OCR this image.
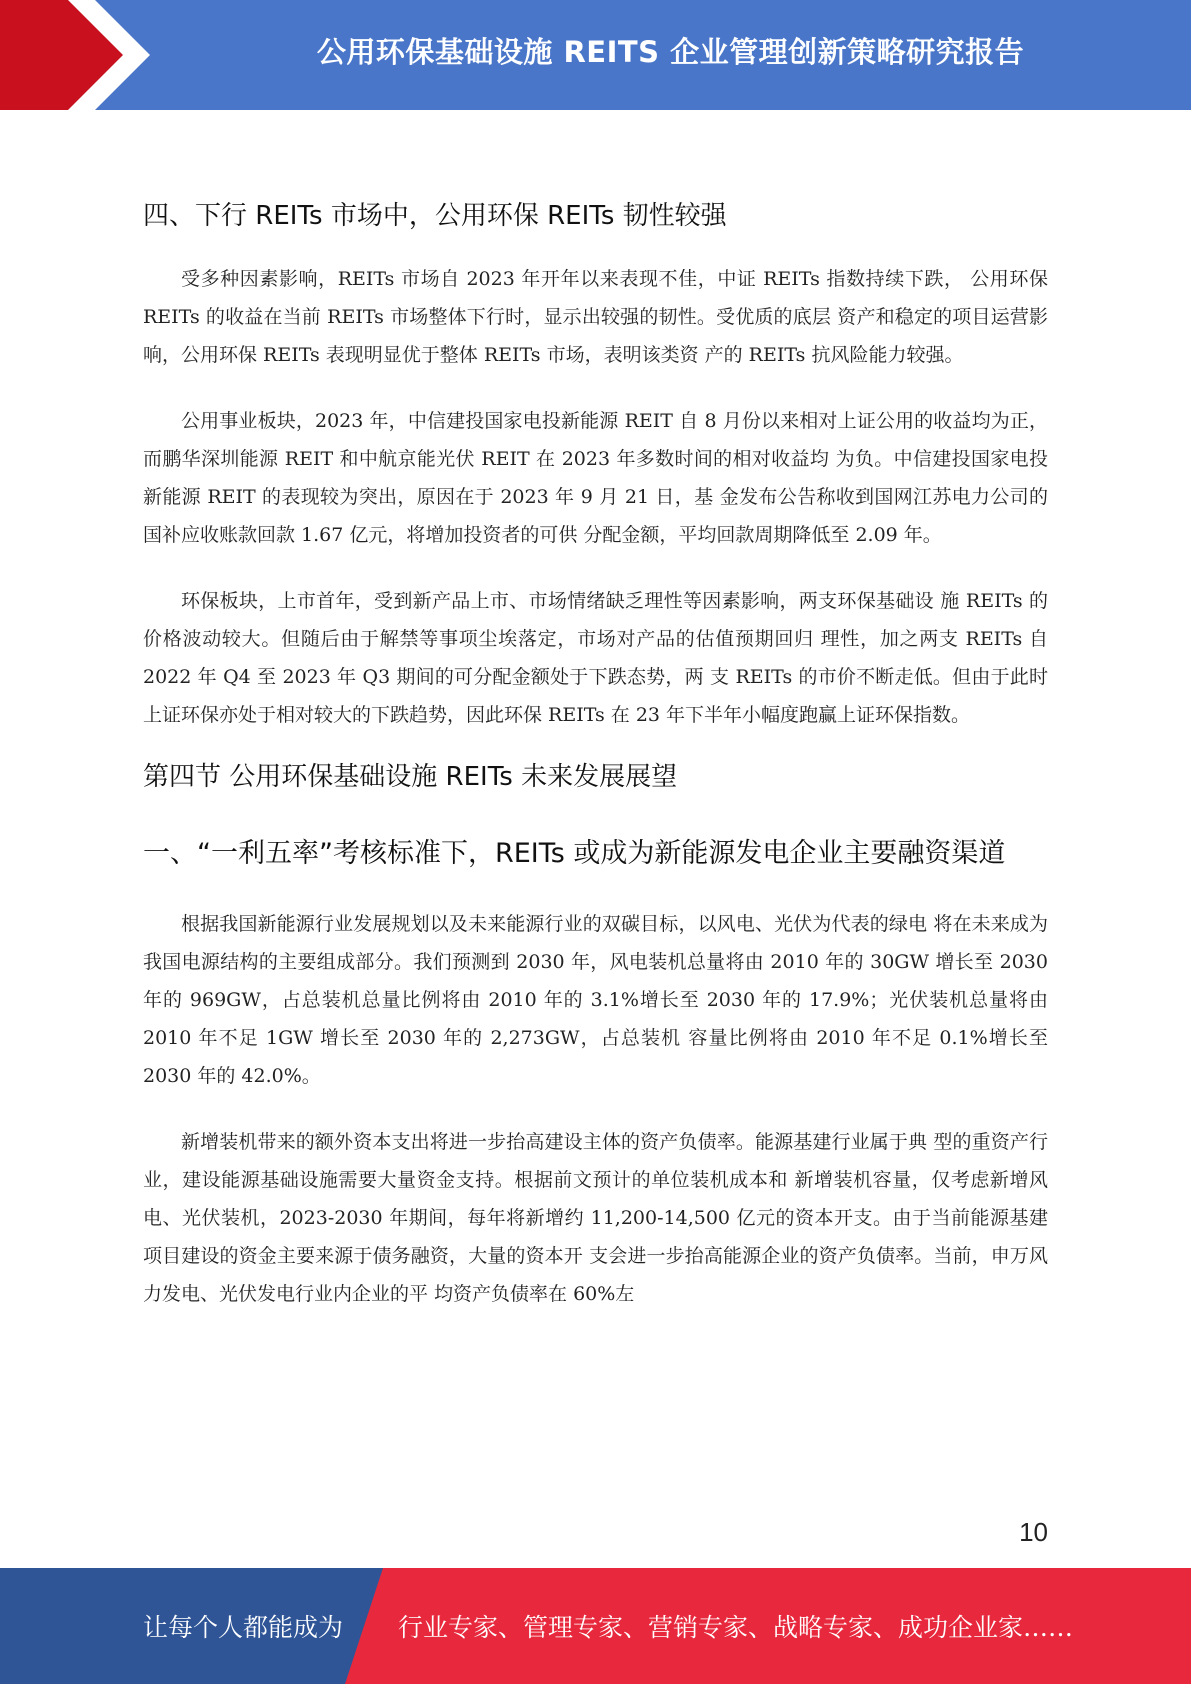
公用环保基础设施 REITS 企业管理创新策略研究报告
四、下行 REITs 市场中，公用环保 REITs 韧性较强

受多种因素影响，REITs 市场自 2023 年开年以来表现不佳，中证 REITs 指数持续下跌， 公用环保 REITs 的收益在当前 REITs 市场整体下行时，显示出较强的韧性。受优质的底层 资产和稳定的项目运营影响，公用环保 REITs 表现明显优于整体 REITs 市场，表明该类资 产的 REITs 抗风险能力较强。

公用事业板块，2023 年，中信建投国家电投新能源 REIT 自 8 月份以来相对上证公用的收益均为正，而鹏华深圳能源 REIT 和中航京能光伏 REIT 在 2023 年多数时间的相对收益均 为负。中信建投国家电投新能源 REIT 的表现较为突出，原因在于 2023 年 9 月 21 日，基 金发布公告称收到国网江苏电力公司的国补应收账款回款 1.67 亿元，将增加投资者的可供 分配金额，平均回款周期降低至 2.09 年。

环保板块，上市首年，受到新产品上市、市场情绪缺乏理性等因素影响，两支环保基础设 施 REITs 的价格波动较大。但随后由于解禁等事项尘埃落定，市场对产品的估值预期回归 理性，加之两支 REITs 自 2022 年 Q4 至 2023 年 Q3 期间的可分配金额处于下跌态势，两 支 REITs 的市价不断走低。但由于此时上证环保亦处于相对较大的下跌趋势，因此环保 REITs 在 23 年下半年小幅度跑赢上证环保指数。

第四节 公用环保基础设施 REITs 未来发展展望
一、“一利五率”考核标准下，REITs 或成为新能源发电企业主要融资渠道

根据我国新能源行业发展规划以及未来能源行业的双碳目标，以风电、光伏为代表的绿电 将在未来成为我国电源结构的主要组成部分。我们预测到 2030 年，风电装机总量将由 2010 年的 30GW 增长至 2030 年的 969GW，占总装机总量比例将由 2010 年的 3.1%增长至 2030 年的 17.9%；光伏装机总量将由 2010 年不足 1GW 增长至 2030 年的 2,273GW，占总装机 容量比例将由 2010 年不足 0.1%增长至 2030 年的 42.0%。

新增装机带来的额外资本支出将进一步抬高建设主体的资产负债率。能源基建行业属于典 型的重资产行业，建设能源基础设施需要大量资金支持。根据前文预计的单位装机成本和 新增装机容量，仅考虑新增风电、光伏装机，2023-2030 年期间，每年将新增约 11,200-14,500 亿元的资本开支。由于当前能源基建项目建设的资金主要来源于债务融资，大量的资本开 支会进一步抬高能源企业的资产负债率。当前，申万风力发电、光伏发电行业内企业的平 均资产负债率在 60%左

10
让每个人都能成为 行业专家、管理专家、营销专家、战略专家、成功企业家……
